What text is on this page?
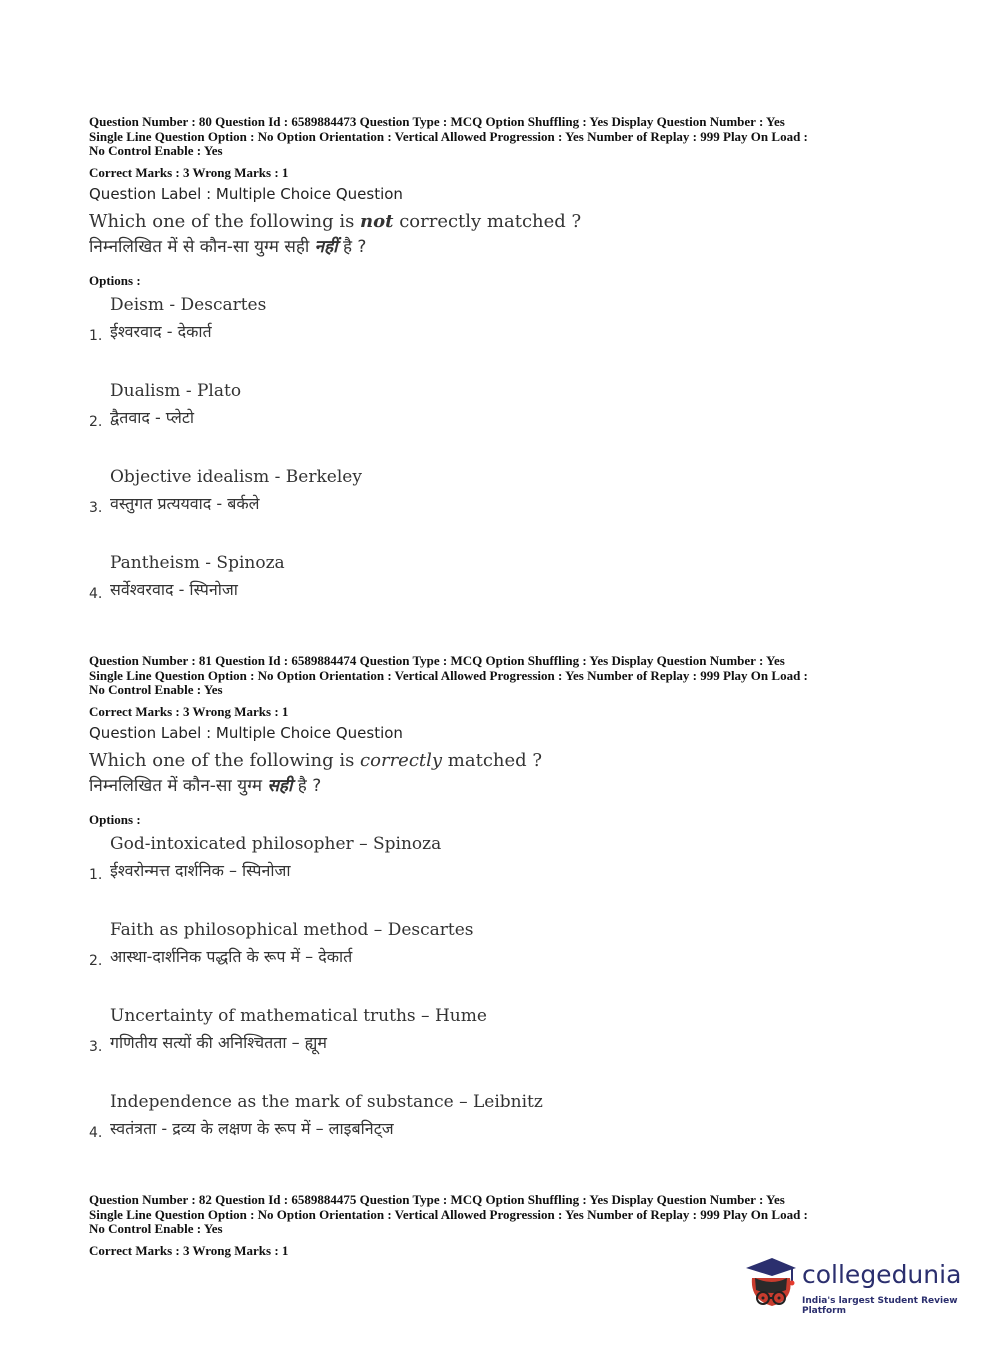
Question Number : 80 Question Id : 6589884473 Question Type : MCQ Option Shuffling : Yes Display Question Number : Yes
Single Line Question Option : No Option Orientation : Vertical Allowed Progression : Yes Number of Replay : 999 Play On Load :
No Control Enable : Yes
Correct Marks : 3 Wrong Marks : 1
Question Label : Multiple Choice Question
Which one of the following is not correctly matched ?
निम्नलिखित में से कौन-सा युग्म सही नहीं है ?
Options :
1.
Deism - Descartes
ईश्वरवाद - देकार्त
2.
Dualism - Plato
द्वैतवाद - प्लेटो
3.
Objective idealism - Berkeley
वस्तुगत प्रत्ययवाद - बर्कले
4.
Pantheism - Spinoza
सर्वेश्वरवाद - स्पिनोजा
Question Number : 81 Question Id : 6589884474 Question Type : MCQ Option Shuffling : Yes Display Question Number : Yes
Single Line Question Option : No Option Orientation : Vertical Allowed Progression : Yes Number of Replay : 999 Play On Load :
No Control Enable : Yes
Correct Marks : 3 Wrong Marks : 1
Question Label : Multiple Choice Question
Which one of the following is correctly matched ?
निम्नलिखित में कौन-सा युग्म सही है ?
Options :
1.
God-intoxicated philosopher – Spinoza
ईश्वरोन्मत्त दार्शनिक – स्पिनोजा
2.
Faith as philosophical method – Descartes
आस्था-दार्शनिक पद्धति के रूप में – देकार्त
3.
Uncertainty of mathematical truths – Hume
गणितीय सत्यों की अनिश्चितता – ह्यूम
4.
Independence as the mark of substance – Leibnitz
स्वतंत्रता - द्रव्य के लक्षण के रूप में – लाइबनिट्ज
Question Number : 82 Question Id : 6589884475 Question Type : MCQ Option Shuffling : Yes Display Question Number : Yes
Single Line Question Option : No Option Orientation : Vertical Allowed Progression : Yes Number of Replay : 999 Play On Load :
No Control Enable : Yes
Correct Marks : 3 Wrong Marks : 1
collegedunia
India's largest Student Review Platform
